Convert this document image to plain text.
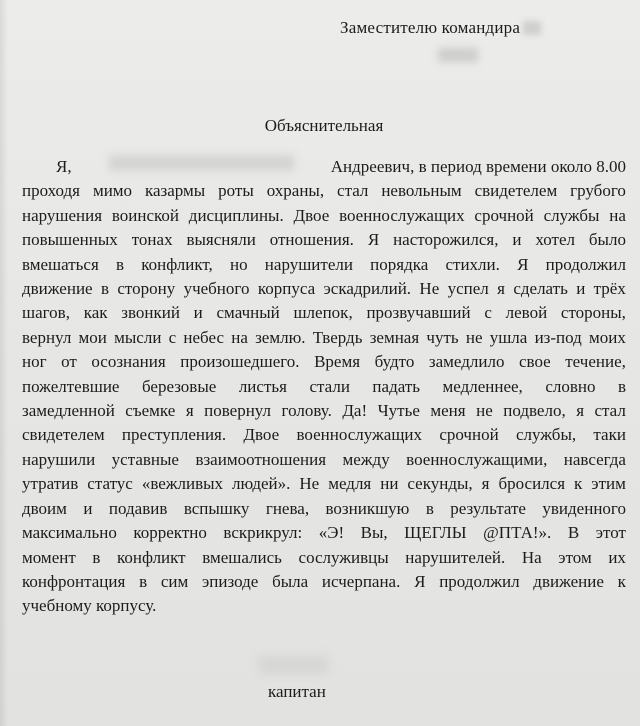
Заместителю командира
Объяснительная
Я,	Андреевич, в период времени около 8.00
проходя мимо казармы роты охраны, стал невольным свидетелем грубого
нарушения воинской дисциплины. Двое военнослужащих срочной службы на
повышенных тонах выясняли отношения. Я насторожился, и хотел было
вмешаться в конфликт, но нарушители порядка стихли. Я продолжил
движение в сторону учебного корпуса эскадрилий. Не успел я сделать и трёх
шагов, как звонкий и смачный шлепок, прозвучавший с левой стороны,
вернул мои мысли с небес на землю. Твердь земная чуть не ушла из-под моих
ног от осознания произошедшего. Время будто замедлило свое течение,
пожелтевшие березовые листья стали падать медленнее, словно в
замедленной съемке я повернул голову. Да! Чутье меня не подвело, я стал
свидетелем преступления. Двое военнослужащих срочной службы, таки
нарушили уставные взаимоотношения между военнослужащими, навсегда
утратив статус «вежливых людей». Не медля ни секунды, я бросился к этим
двоим и подавив вспышку гнева, возникшую в результате увиденного
максимально корректно вскрикрул: «Э! Вы, ЩЕГЛЫ @ПТА!». В этот
момент в конфликт вмешались сослуживцы нарушителей. На этом их
конфронтация в сим эпизоде была исчерпана. Я продолжил движение к
учебному корпусу.
капитан
